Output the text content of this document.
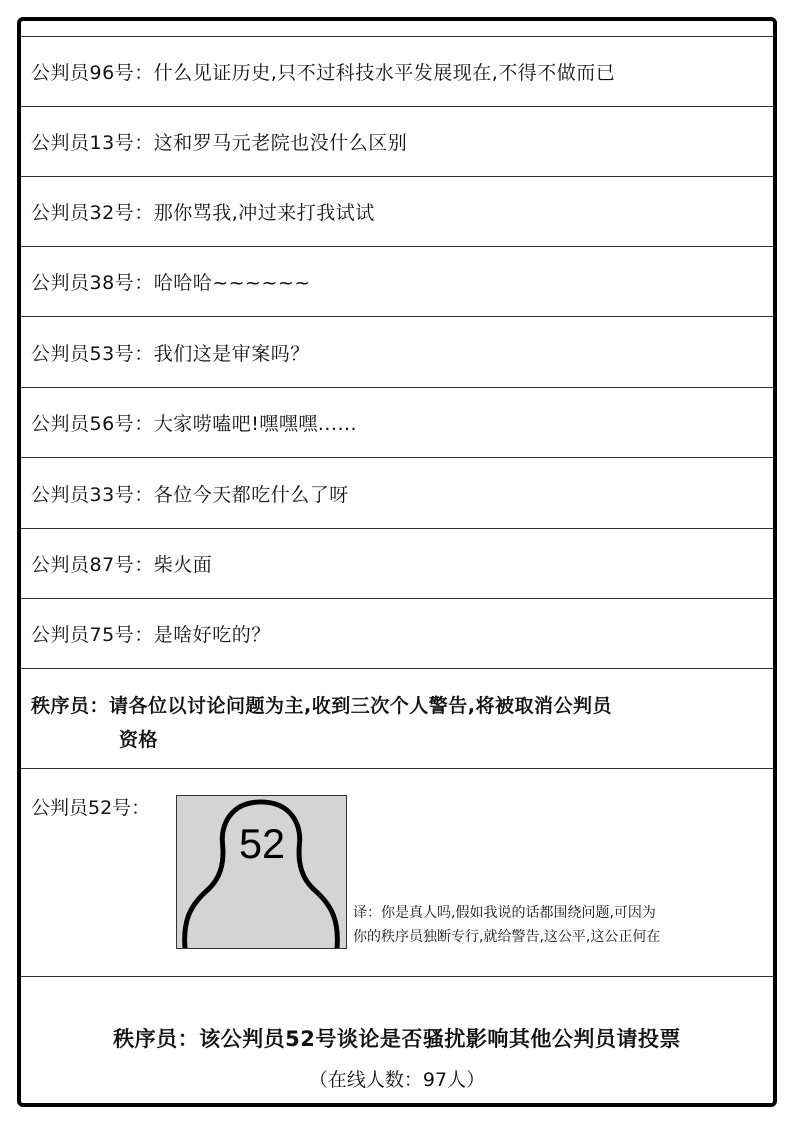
公判员96号 ： 什么见证历史,只不过科技水平发展现在,不得不做而已
公判员13号 ： 这和罗马元老院也没什么区别
公判员32号 ： 那你骂我,冲过来打我试试
公判员38号 ： 哈哈哈~~~~~~
公判员53号 ： 我们这是审案吗？
公判员56号 ： 大家唠嗑吧!嘿嘿嘿......
公判员33号 ： 各位今天都吃什么了呀
公判员87号 ： 柴火面
公判员75号 ： 是啥好吃的？
秩序员：请各位以讨论问题为主,收到三次个人警告,将被取消公判员
资格
公判员52号：
52
译：你是真人吗,假如我说的话都围绕问题,可因为
你的秩序员独断专行,就给警告,这公平,这公正何在
秩序员：该公判员52号谈论是否骚扰影响其他公判员请投票
（在线人数：97人）
